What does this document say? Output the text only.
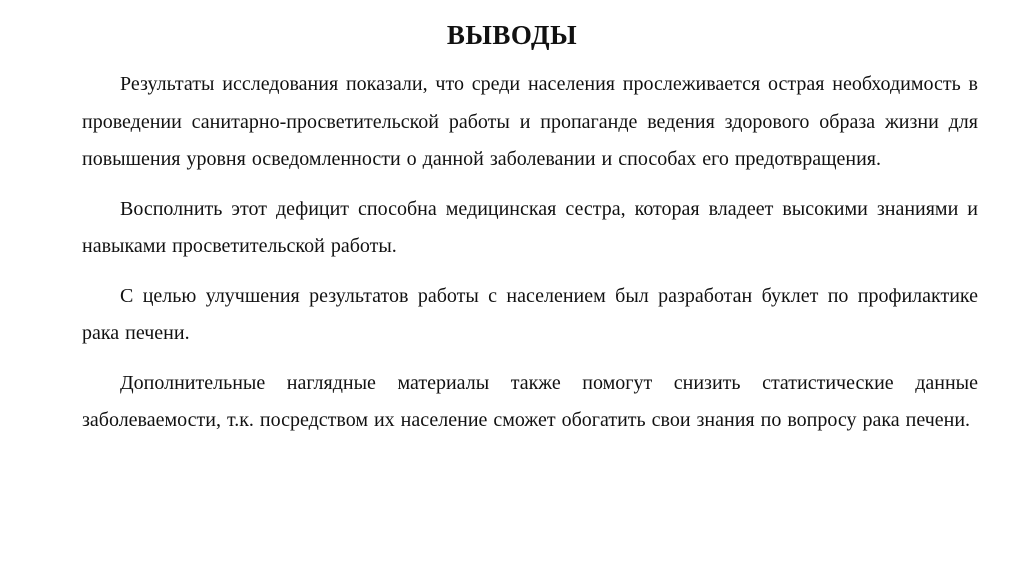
ВЫВОДЫ

Результаты исследования показали, что среди населения прослеживается острая необходимость в проведении санитарно-просветительской работы и пропаганде ведения здорового образа жизни для повышения уровня осведомленности о данной заболевании и способах его предотвращения.

Восполнить этот дефицит способна медицинская сестра, которая владеет высокими знаниями и навыками просветительской работы.

С целью улучшения результатов работы с населением был разработан буклет по профилактике рака печени.

Дополнительные наглядные материалы также помогут снизить статистические данные заболеваемости, т.к. посредством их население сможет обогатить свои знания по вопросу рака печени.
